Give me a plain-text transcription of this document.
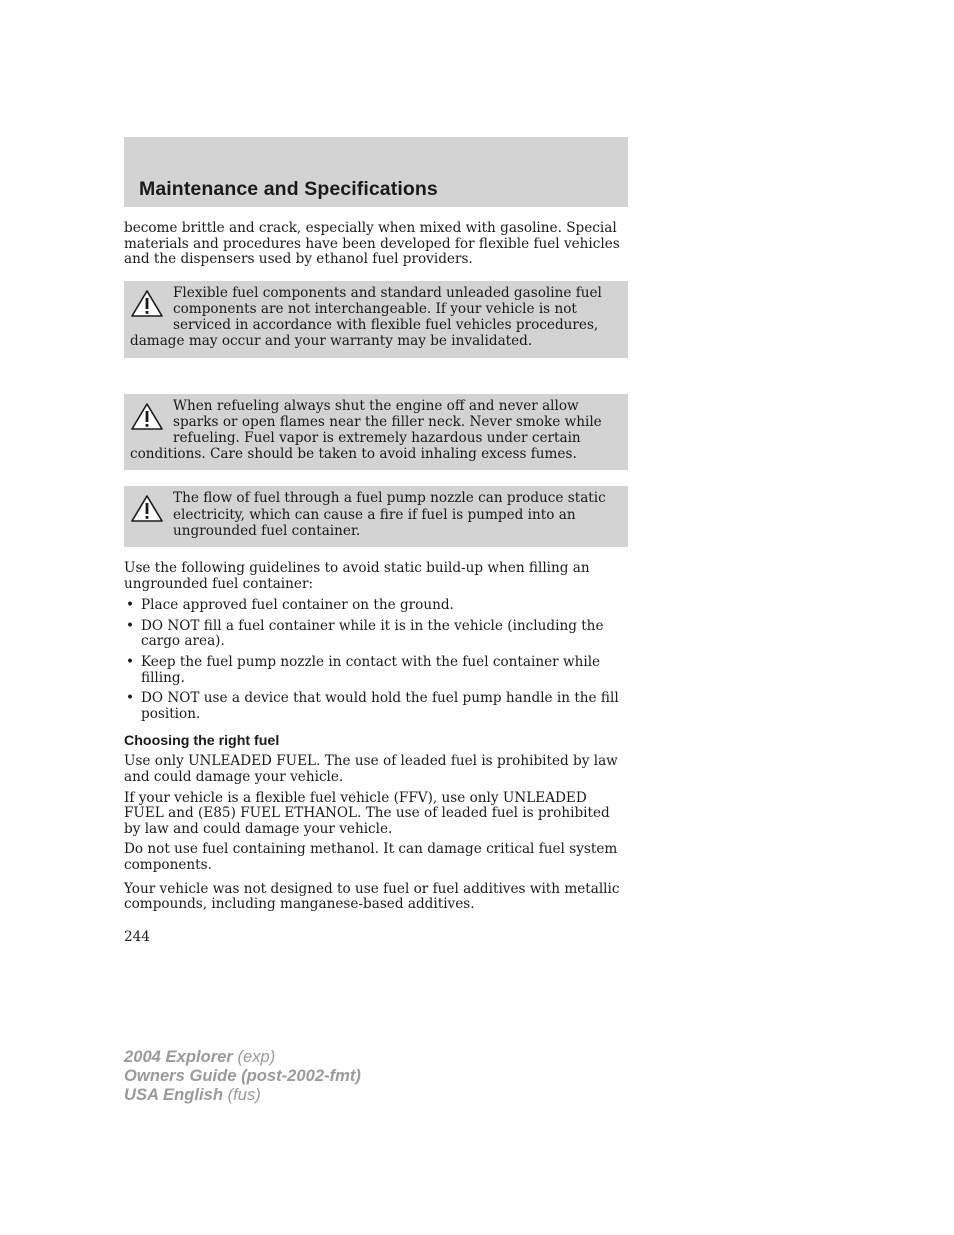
Maintenance and Specifications

become brittle and crack, especially when mixed with gasoline. Special materials and procedures have been developed for flexible fuel vehicles and the dispensers used by ethanol fuel providers.

Flexible fuel components and standard unleaded gasoline fuel components are not interchangeable. If your vehicle is not serviced in accordance with flexible fuel vehicles procedures, damage may occur and your warranty may be invalidated.
When refueling always shut the engine off and never allow sparks or open flames near the filler neck. Never smoke while refueling. Fuel vapor is extremely hazardous under certain conditions. Care should be taken to avoid inhaling excess fumes.
The flow of fuel through a fuel pump nozzle can produce static electricity, which can cause a fire if fuel is pumped into an ungrounded fuel container.

Use the following guidelines to avoid static build-up when filling an ungrounded fuel container:

• Place approved fuel container on the ground.
• DO NOT fill a fuel container while it is in the vehicle (including the cargo area).
• Keep the fuel pump nozzle in contact with the fuel container while filling.
• DO NOT use a device that would hold the fuel pump handle in the fill position.
Choosing the right fuel

Use only UNLEADED FUEL. The use of leaded fuel is prohibited by law and could damage your vehicle.

If your vehicle is a flexible fuel vehicle (FFV), use only UNLEADED FUEL and (E85) FUEL ETHANOL. The use of leaded fuel is prohibited by law and could damage your vehicle.

Do not use fuel containing methanol. It can damage critical fuel system components.

Your vehicle was not designed to use fuel or fuel additives with metallic compounds, including manganese-based additives.

244
2004 Explorer (exp)
Owners Guide (post-2002-fmt)
USA English (fus)
